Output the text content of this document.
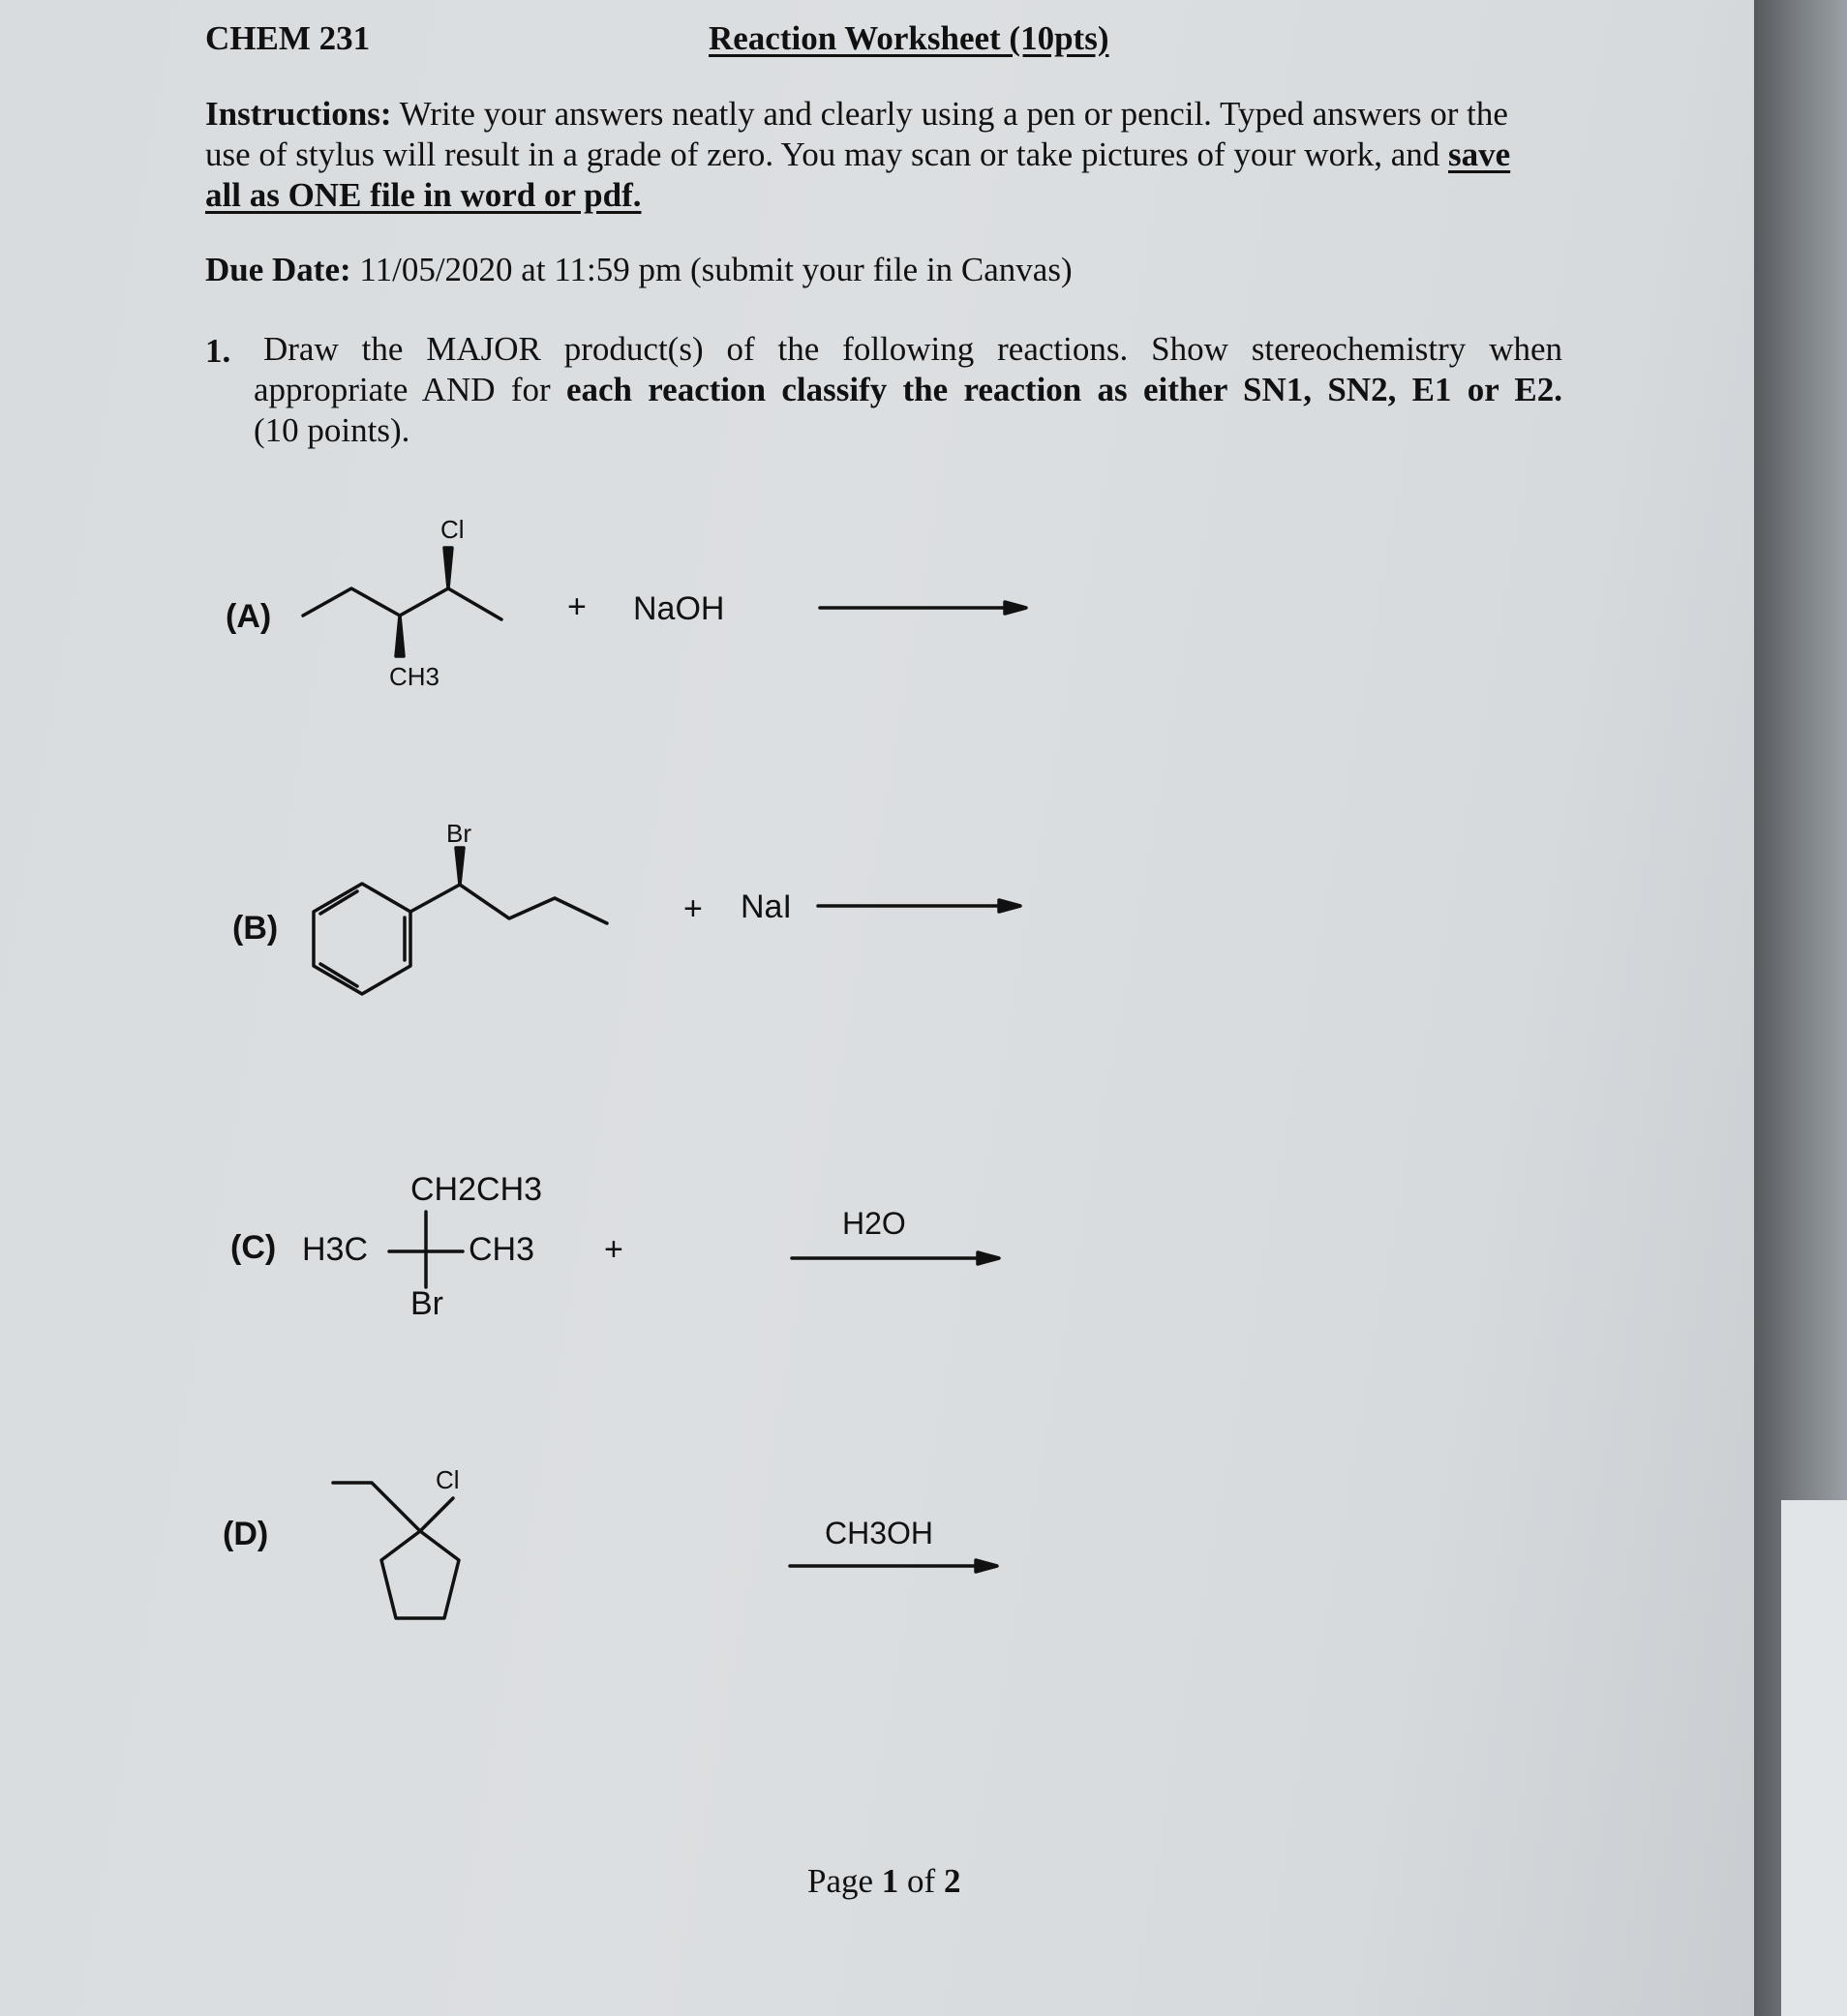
CHEM 231	Reaction Worksheet (10pts)
Instructions: Write your answers neatly and clearly using a pen or pencil. Typed answers or the use of stylus will result in a grade of zero. You may scan or take pictures of your work, and save all as ONE file in word or pdf.
Due Date: 11/05/2020 at 11:59 pm (submit your file in Canvas)
1. Draw the MAJOR product(s) of the following reactions. Show stereochemistry when
appropriate AND for each reaction classify the reaction as either SN1, SN2, E1 or E2.
(10 points).
(A)
Cl
CH3
+ NaOH
(B)
Br
+ NaI
(C)
CH2CH3
H3C	CH3
Br
+
H2O
(D)
Cl
CH3OH
Page 1 of 2
